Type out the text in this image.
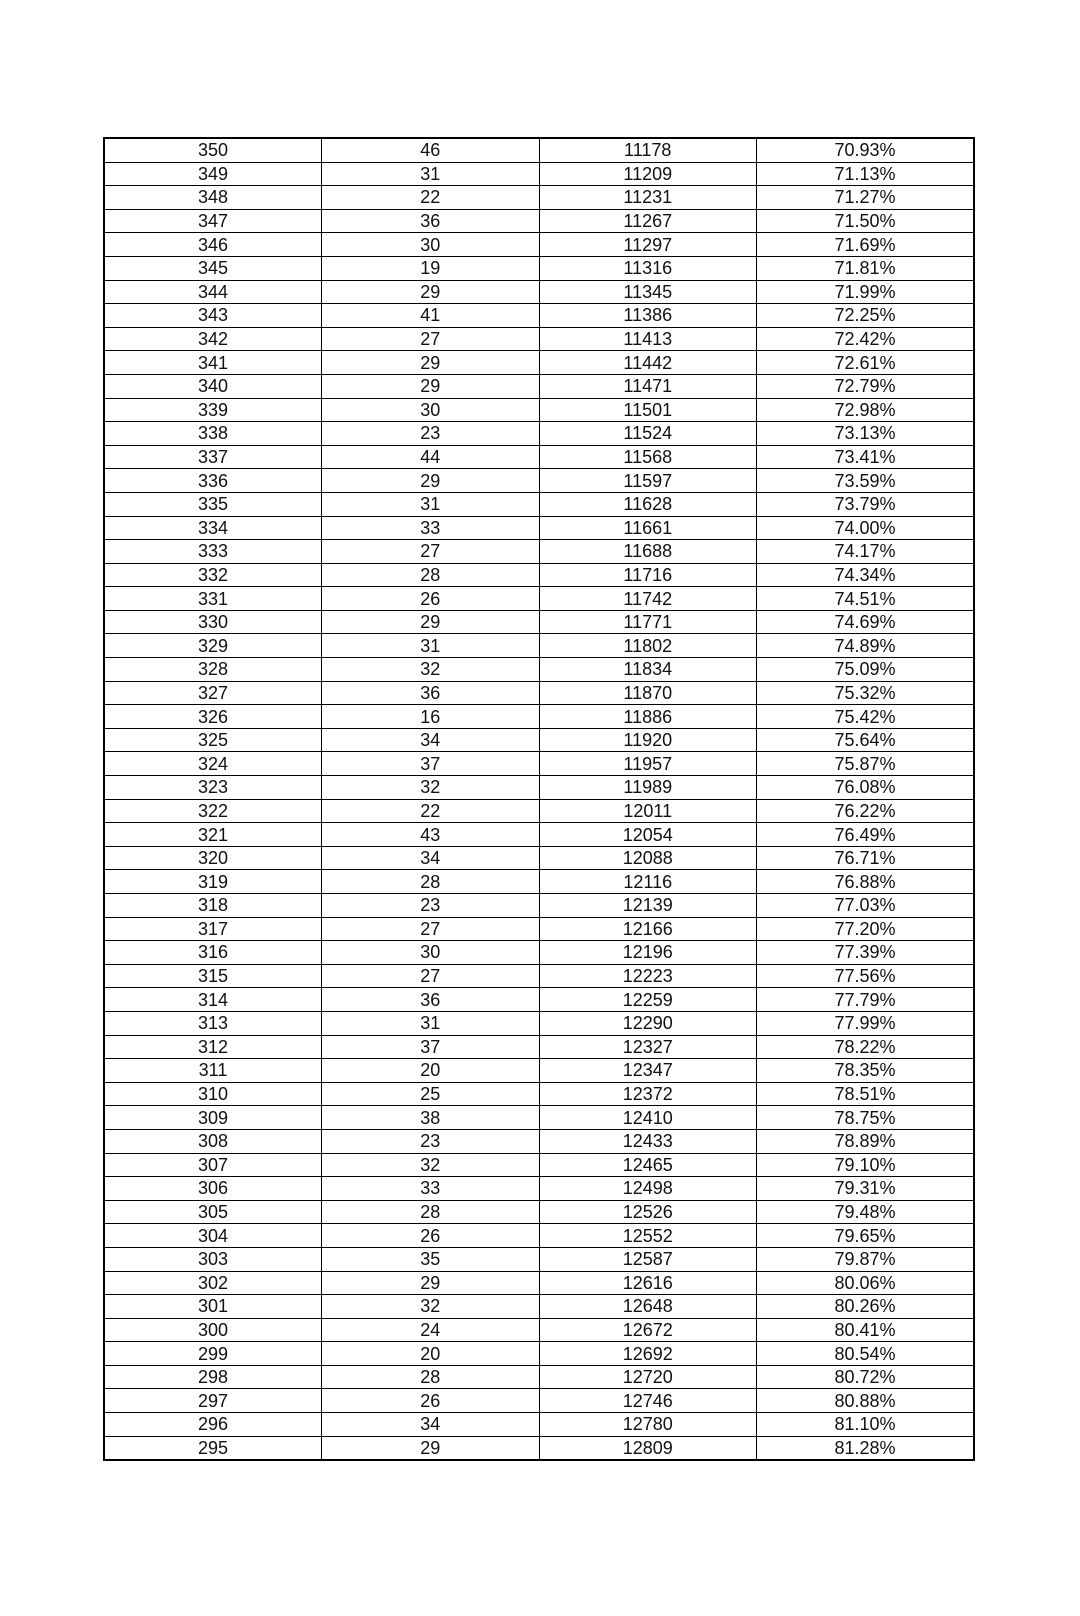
350	46	11178	70.93%
349	31	11209	71.13%
348	22	11231	71.27%
347	36	11267	71.50%
346	30	11297	71.69%
345	19	11316	71.81%
344	29	11345	71.99%
343	41	11386	72.25%
342	27	11413	72.42%
341	29	11442	72.61%
340	29	11471	72.79%
339	30	11501	72.98%
338	23	11524	73.13%
337	44	11568	73.41%
336	29	11597	73.59%
335	31	11628	73.79%
334	33	11661	74.00%
333	27	11688	74.17%
332	28	11716	74.34%
331	26	11742	74.51%
330	29	11771	74.69%
329	31	11802	74.89%
328	32	11834	75.09%
327	36	11870	75.32%
326	16	11886	75.42%
325	34	11920	75.64%
324	37	11957	75.87%
323	32	11989	76.08%
322	22	12011	76.22%
321	43	12054	76.49%
320	34	12088	76.71%
319	28	12116	76.88%
318	23	12139	77.03%
317	27	12166	77.20%
316	30	12196	77.39%
315	27	12223	77.56%
314	36	12259	77.79%
313	31	12290	77.99%
312	37	12327	78.22%
311	20	12347	78.35%
310	25	12372	78.51%
309	38	12410	78.75%
308	23	12433	78.89%
307	32	12465	79.10%
306	33	12498	79.31%
305	28	12526	79.48%
304	26	12552	79.65%
303	35	12587	79.87%
302	29	12616	80.06%
301	32	12648	80.26%
300	24	12672	80.41%
299	20	12692	80.54%
298	28	12720	80.72%
297	26	12746	80.88%
296	34	12780	81.10%
295	29	12809	81.28%
